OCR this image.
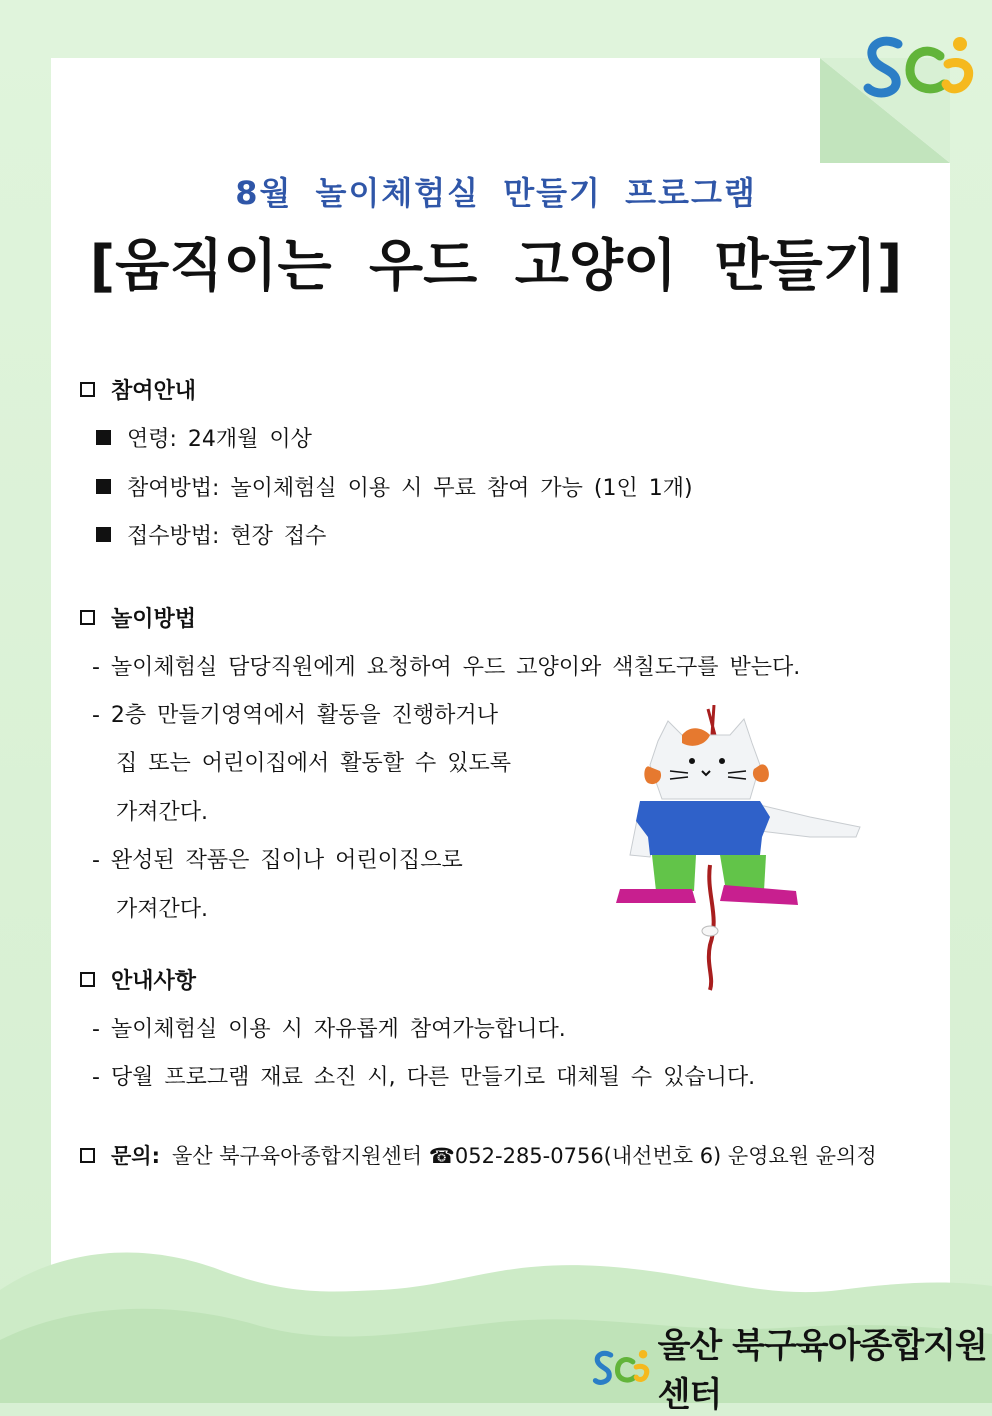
8월 놀이체험실 만들기 프로그램
[움직이는 우드 고양이 만들기]
참여안내
연령: 24개월 이상
참여방법: 놀이체험실 이용 시 무료 참여 가능 (1인 1개)
접수방법: 현장 접수
놀이방법
- 놀이체험실 담당직원에게 요청하여 우드 고양이와 색칠도구를 받는다.
- 2층 만들기영역에서 활동을 진행하거나
집 또는 어린이집에서 활동할 수 있도록
가져간다.
- 완성된 작품은 집이나 어린이집으로
가져간다.
안내사항
- 놀이체험실 이용 시 자유롭게 참여가능합니다.
- 당월 프로그램 재료 소진 시, 다른 만들기로 대체될 수 있습니다.
문의: 울산 북구육아종합지원센터 ☎052-285-0756(내선번호 6) 운영요원 윤의정
울산 북구육아종합지원센터
